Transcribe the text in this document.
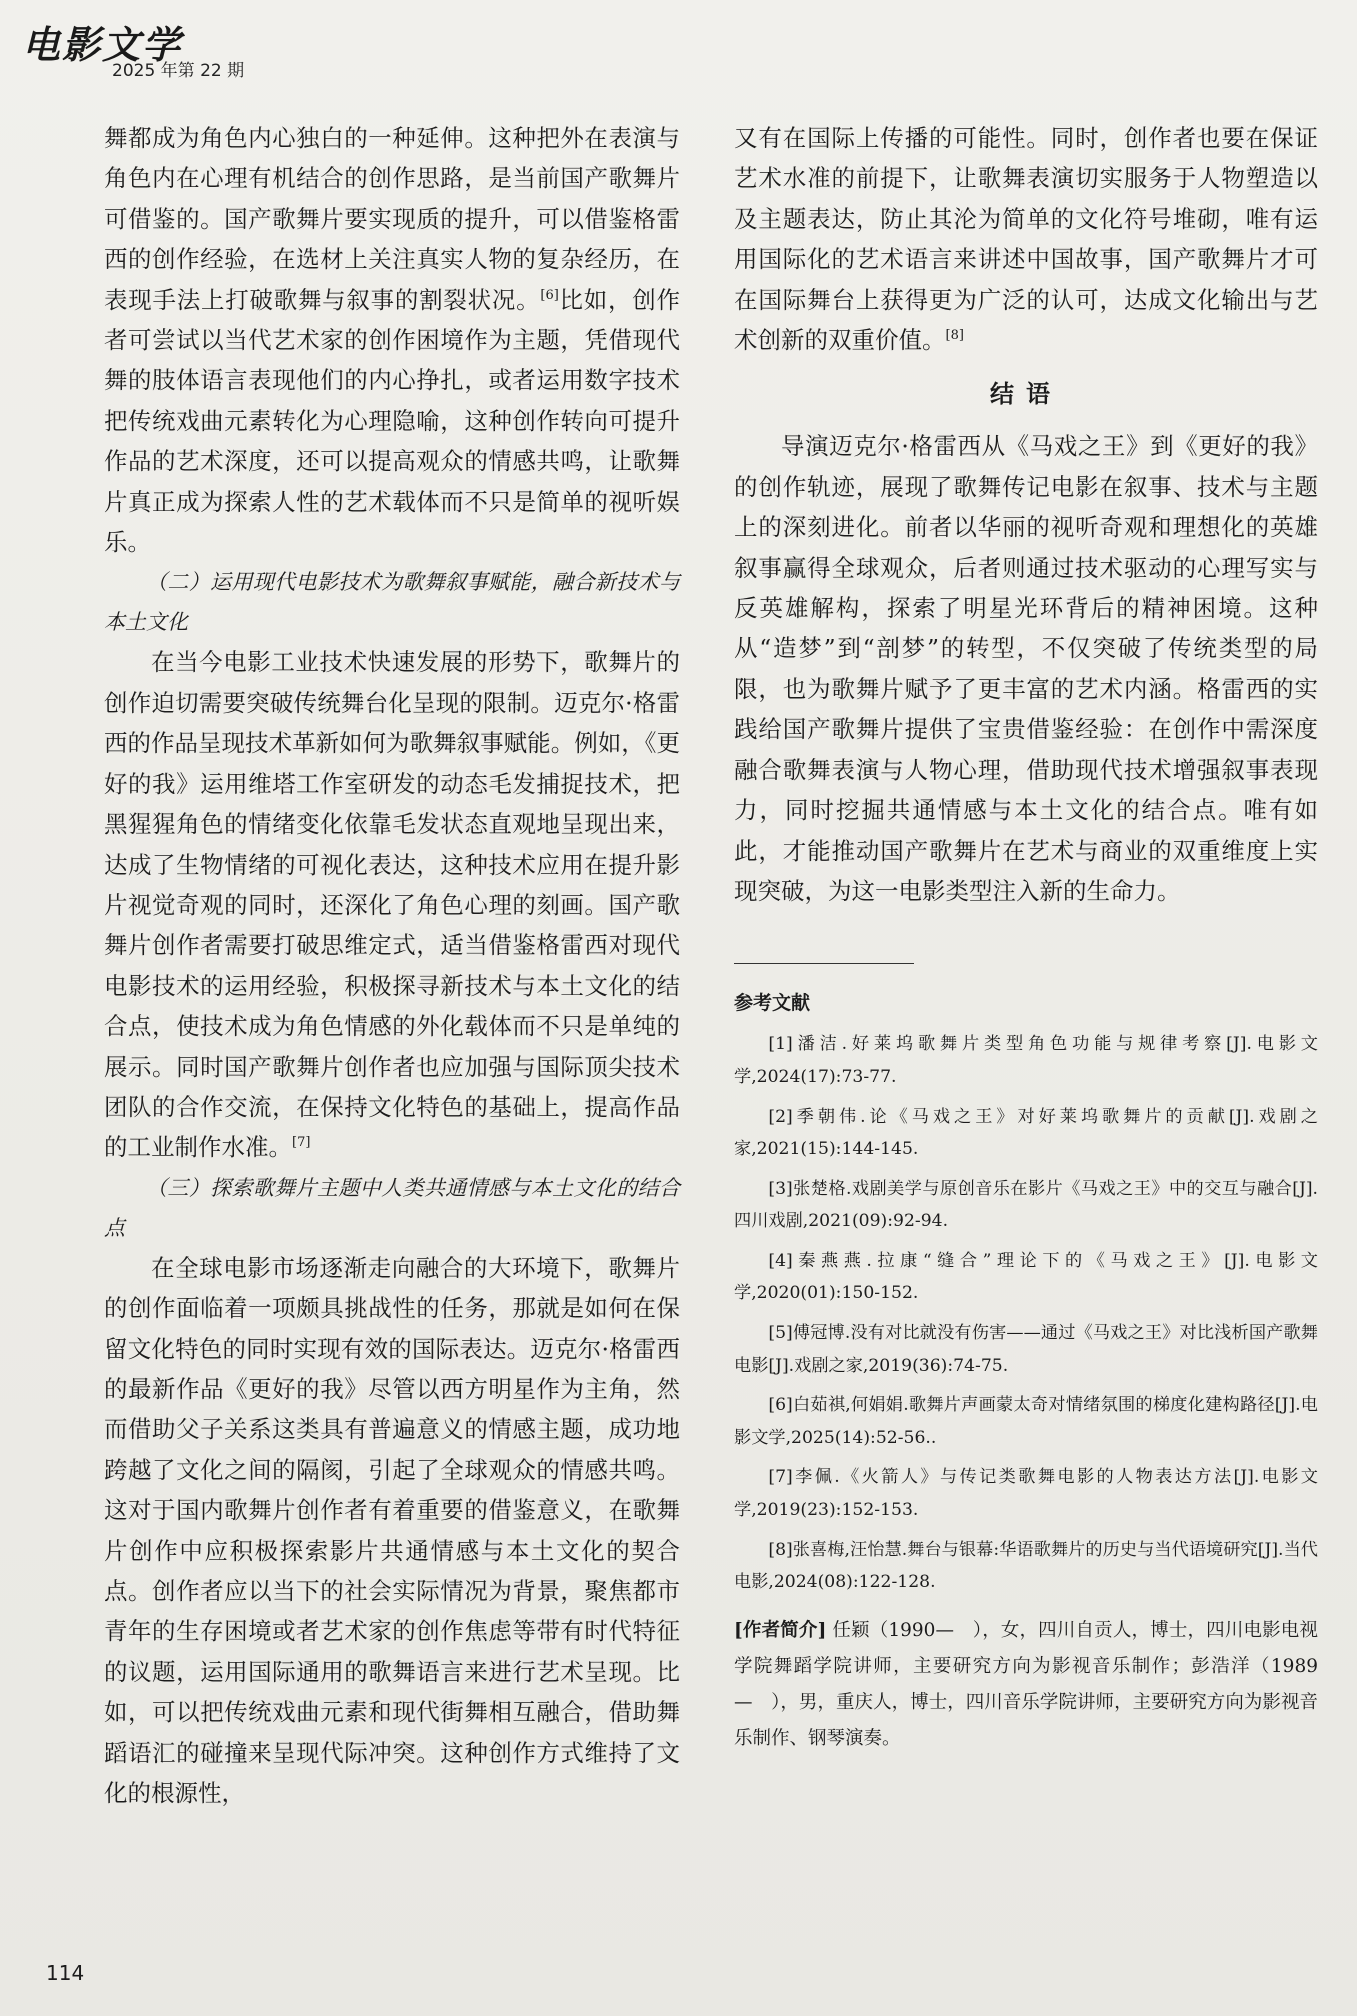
电影文学
2025 年第 22 期

舞都成为角色内心独白的一种延伸。这种把外在表演与角色内在心理有机结合的创作思路，是当前国产歌舞片可借鉴的。国产歌舞片要实现质的提升，可以借鉴格雷西的创作经验，在选材上关注真实人物的复杂经历，在表现手法上打破歌舞与叙事的割裂状况。[6]比如，创作者可尝试以当代艺术家的创作困境作为主题，凭借现代舞的肢体语言表现他们的内心挣扎，或者运用数字技术把传统戏曲元素转化为心理隐喻，这种创作转向可提升作品的艺术深度，还可以提高观众的情感共鸣，让歌舞片真正成为探索人性的艺术载体而不只是简单的视听娱乐。

（二）运用现代电影技术为歌舞叙事赋能，融合新技术与本土文化

在当今电影工业技术快速发展的形势下，歌舞片的创作迫切需要突破传统舞台化呈现的限制。迈克尔·格雷西的作品呈现技术革新如何为歌舞叙事赋能。例如，《更好的我》运用维塔工作室研发的动态毛发捕捉技术，把黑猩猩角色的情绪变化依靠毛发状态直观地呈现出来，达成了生物情绪的可视化表达，这种技术应用在提升影片视觉奇观的同时，还深化了角色心理的刻画。国产歌舞片创作者需要打破思维定式，适当借鉴格雷西对现代电影技术的运用经验，积极探寻新技术与本土文化的结合点，使技术成为角色情感的外化载体而不只是单纯的展示。同时国产歌舞片创作者也应加强与国际顶尖技术团队的合作交流，在保持文化特色的基础上，提高作品的工业制作水准。[7]

（三）探索歌舞片主题中人类共通情感与本土文化的结合点

在全球电影市场逐渐走向融合的大环境下，歌舞片的创作面临着一项颇具挑战性的任务，那就是如何在保留文化特色的同时实现有效的国际表达。迈克尔·格雷西的最新作品《更好的我》尽管以西方明星作为主角，然而借助父子关系这类具有普遍意义的情感主题，成功地跨越了文化之间的隔阂，引起了全球观众的情感共鸣。这对于国内歌舞片创作者有着重要的借鉴意义，在歌舞片创作中应积极探索影片共通情感与本土文化的契合点。创作者应以当下的社会实际情况为背景，聚焦都市青年的生存困境或者艺术家的创作焦虑等带有时代特征的议题，运用国际通用的歌舞语言来进行艺术呈现。比如，可以把传统戏曲元素和现代街舞相互融合，借助舞蹈语汇的碰撞来呈现代际冲突。这种创作方式维持了文化的根源性，

又有在国际上传播的可能性。同时，创作者也要在保证艺术水准的前提下，让歌舞表演切实服务于人物塑造以及主题表达，防止其沦为简单的文化符号堆砌，唯有运用国际化的艺术语言来讲述中国故事，国产歌舞片才可在国际舞台上获得更为广泛的认可，达成文化输出与艺术创新的双重价值。[8]

结语

导演迈克尔·格雷西从《马戏之王》到《更好的我》的创作轨迹，展现了歌舞传记电影在叙事、技术与主题上的深刻进化。前者以华丽的视听奇观和理想化的英雄叙事赢得全球观众，后者则通过技术驱动的心理写实与反英雄解构，探索了明星光环背后的精神困境。这种从“造梦”到“剖梦”的转型，不仅突破了传统类型的局限，也为歌舞片赋予了更丰富的艺术内涵。格雷西的实践给国产歌舞片提供了宝贵借鉴经验：在创作中需深度融合歌舞表演与人物心理，借助现代技术增强叙事表现力，同时挖掘共通情感与本土文化的结合点。唯有如此，才能推动国产歌舞片在艺术与商业的双重维度上实现突破，为这一电影类型注入新的生命力。

参考文献

[1]潘洁.好莱坞歌舞片类型角色功能与规律考察[J].电影文学,2024(17):73-77.

[2]季朝伟.论《马戏之王》对好莱坞歌舞片的贡献[J].戏剧之家,2021(15):144-145.

[3]张楚格.戏剧美学与原创音乐在影片《马戏之王》中的交互与融合[J].四川戏剧,2021(09):92-94.

[4]秦燕燕.拉康“缝合”理论下的《马戏之王》[J].电影文学,2020(01):150-152.

[5]傅冠博.没有对比就没有伤害——通过《马戏之王》对比浅析国产歌舞电影[J].戏剧之家,2019(36):74-75.

[6]白茹祺,何娟娟.歌舞片声画蒙太奇对情绪氛围的梯度化建构路径[J].电影文学,2025(14):52-56..

[7]李佩.《火箭人》与传记类歌舞电影的人物表达方法[J].电影文学,2019(23):152-153.

[8]张喜梅,汪怡慧.舞台与银幕:华语歌舞片的历史与当代语境研究[J].当代电影,2024(08):122-128.

[作者简介] 任颖（1990—　），女，四川自贡人，博士，四川电影电视学院舞蹈学院讲师，主要研究方向为影视音乐制作；彭浩洋（1989—　），男，重庆人，博士，四川音乐学院讲师，主要研究方向为影视音乐制作、钢琴演奏。

114
